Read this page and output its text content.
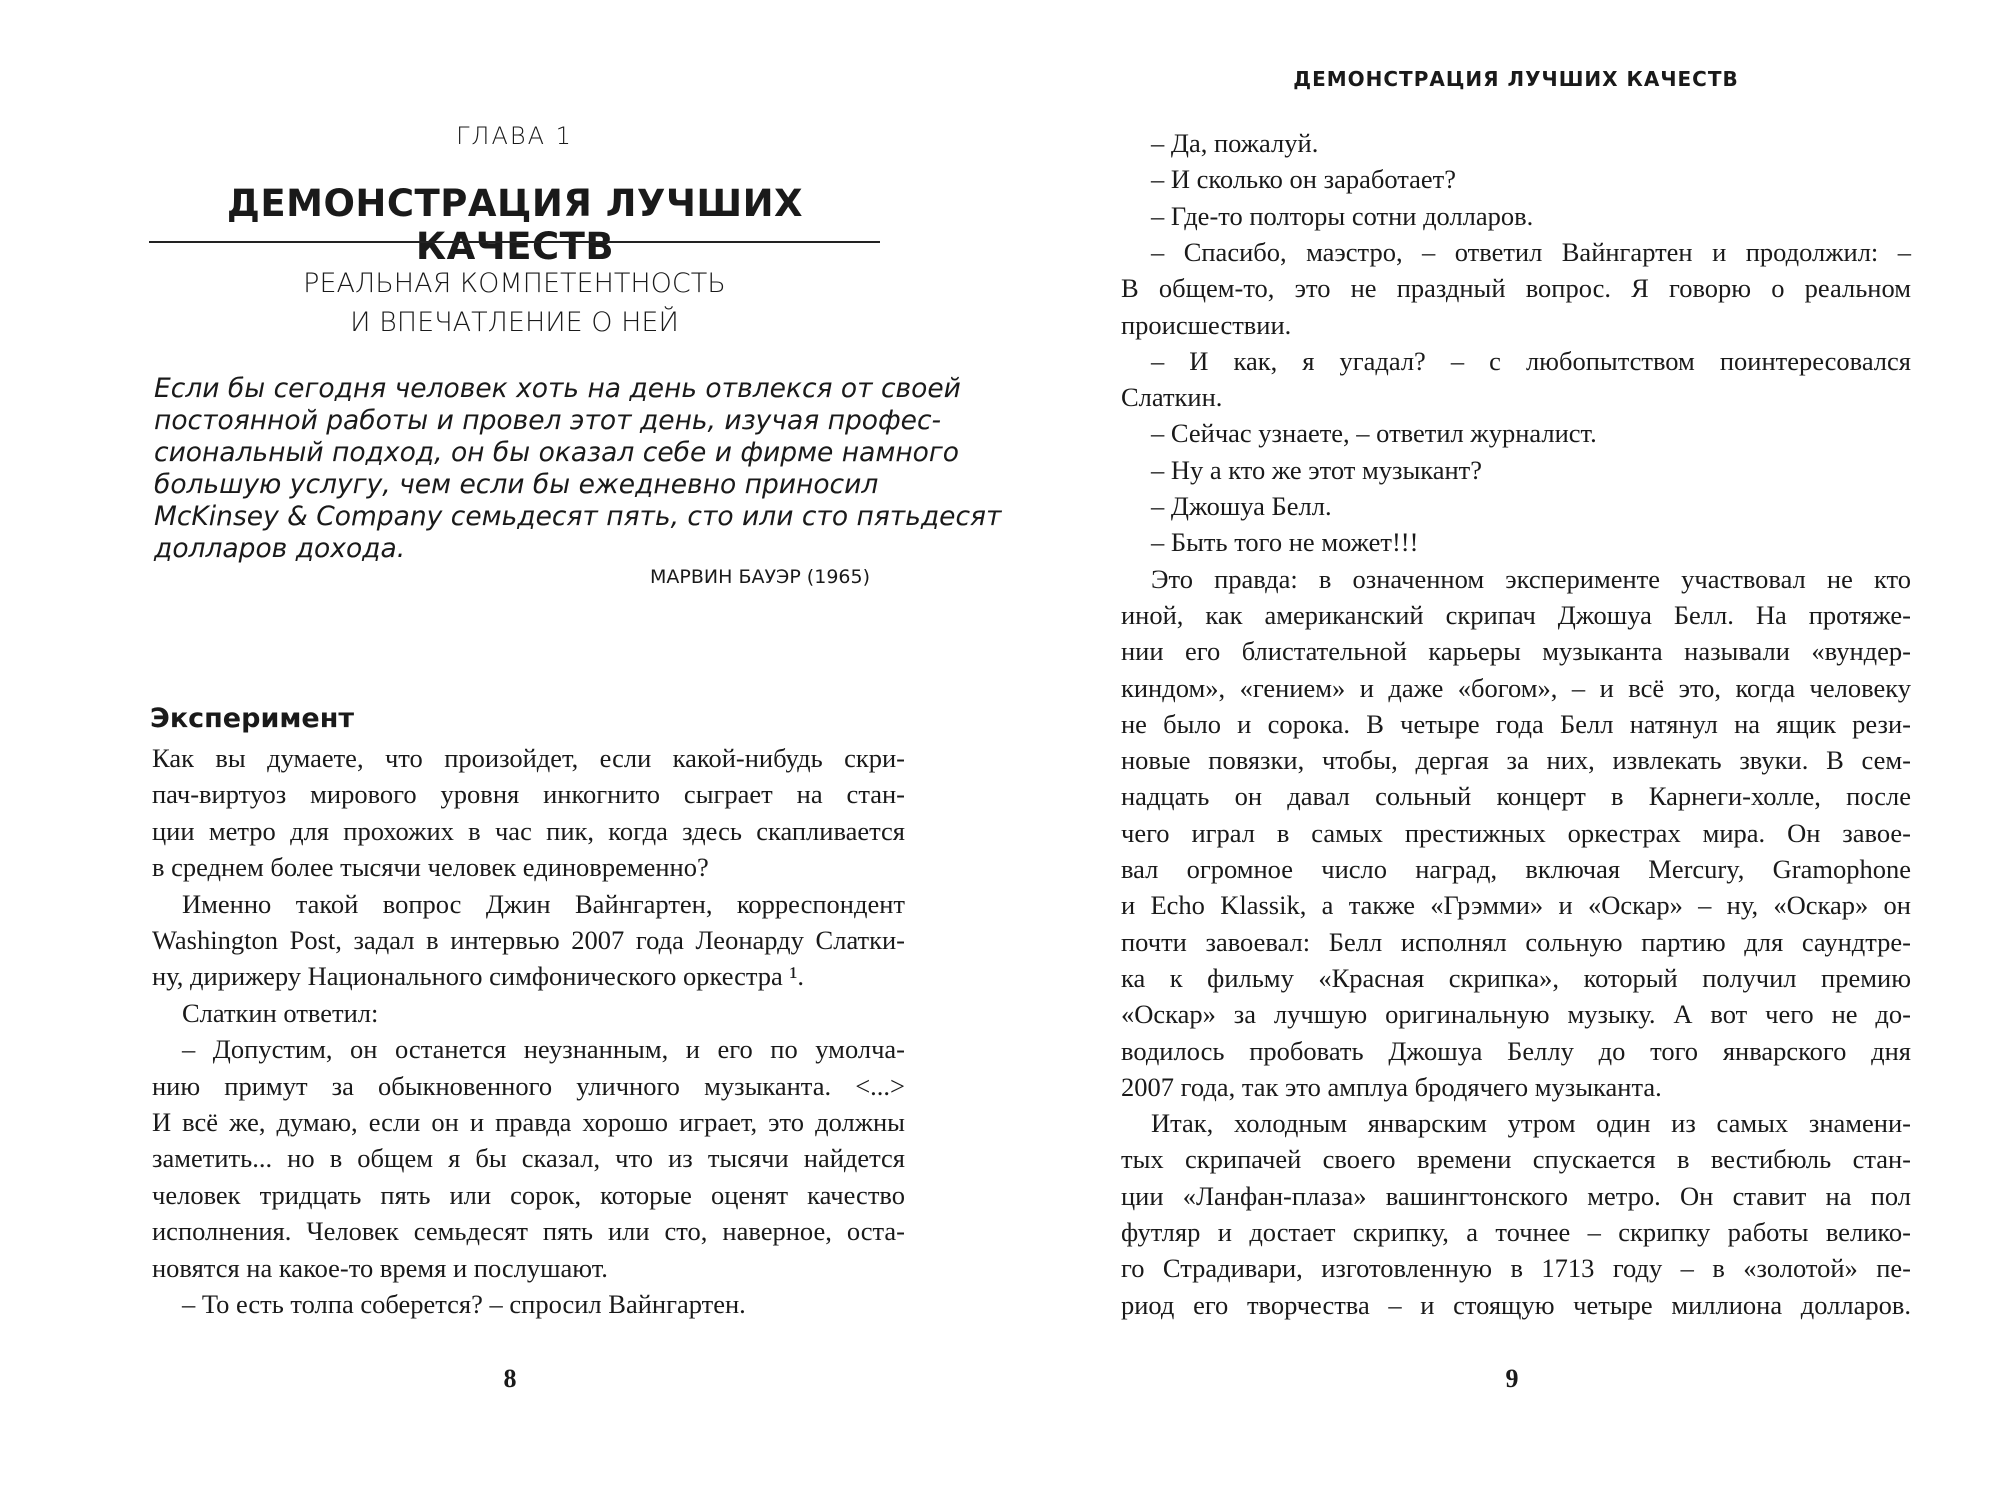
ГЛАВА 1
ДЕМОНСТРАЦИЯ ЛУЧШИХ КАЧЕСТВ
РЕАЛЬНАЯ КОМПЕТЕНТНОСТЬ
И ВПЕЧАТЛЕНИЕ О НЕЙ
Если бы сегодня человек хоть на день отвлекся от своей
постоянной работы и провел этот день, изучая профес-
сиональный подход, он бы оказал себе и фирме намного
большую услугу, чем если бы ежедневно приносил
McKinsey & Company семьдесят пять, сто или сто пятьдесят
долларов дохода.
МАРВИН БАУЭР (1965)
Эксперимент
Как вы думаете, что произойдет, если какой-нибудь скри-
пач-виртуоз мирового уровня инкогнито сыграет на стан-
ции метро для прохожих в час пик, когда здесь скапливается
в среднем более тысячи человек единовременно?
Именно такой вопрос Джин Вайнгартен, корреспондент
Washington Post, задал в интервью 2007 года Леонарду Слатки-
ну, дирижеру Национального симфонического оркестра ¹.
Слаткин ответил:
– Допустим, он останется неузнанным, и его по умолча-
нию примут за обыкновенного уличного музыканта. <...>
И всё же, думаю, если он и правда хорошо играет, это должны
заметить... но в общем я бы сказал, что из тысячи найдется
человек тридцать пять или сорок, которые оценят качество
исполнения. Человек семьдесят пять или сто, наверное, оста-
новятся на какое-то время и послушают.
– То есть толпа соберется? – спросил Вайнгартен.
8
ДЕМОНСТРАЦИЯ ЛУЧШИХ КАЧЕСТВ
– Да, пожалуй.
– И сколько он заработает?
– Где-то полторы сотни долларов.
– Спасибо, маэстро, – ответил Вайнгартен и продолжил: –
В общем-то, это не праздный вопрос. Я говорю о реальном
происшествии.
– И как, я угадал? – с любопытством поинтересовался
Слаткин.
– Сейчас узнаете, – ответил журналист.
– Ну а кто же этот музыкант?
– Джошуа Белл.
– Быть того не может!!!
Это правда: в означенном эксперименте участвовал не кто
иной, как американский скрипач Джошуа Белл. На протяже-
нии его блистательной карьеры музыканта называли «вундер-
киндом», «гением» и даже «богом», – и всё это, когда человеку
не было и сорока. В четыре года Белл натянул на ящик рези-
новые повязки, чтобы, дергая за них, извлекать звуки. В сем-
надцать он давал сольный концерт в Карнеги-холле, после
чего играл в самых престижных оркестрах мира. Он завое-
вал огромное число наград, включая Mercury, Gramophone
и Echo Klassik, а также «Грэмми» и «Оскар» – ну, «Оскар» он
почти завоевал: Белл исполнял сольную партию для саундтре-
ка к фильму «Красная скрипка», который получил премию
«Оскар» за лучшую оригинальную музыку. А вот чего не до-
водилось пробовать Джошуа Беллу до того январского дня
2007 года, так это амплуа бродячего музыканта.
Итак, холодным январским утром один из самых знамени-
тых скрипачей своего времени спускается в вестибюль стан-
ции «Ланфан-плаза» вашингтонского метро. Он ставит на пол
футляр и достает скрипку, а точнее – скрипку работы велико-
го Страдивари, изготовленную в 1713 году – в «золотой» пе-
риод его творчества – и стоящую четыре миллиона долларов.
9
